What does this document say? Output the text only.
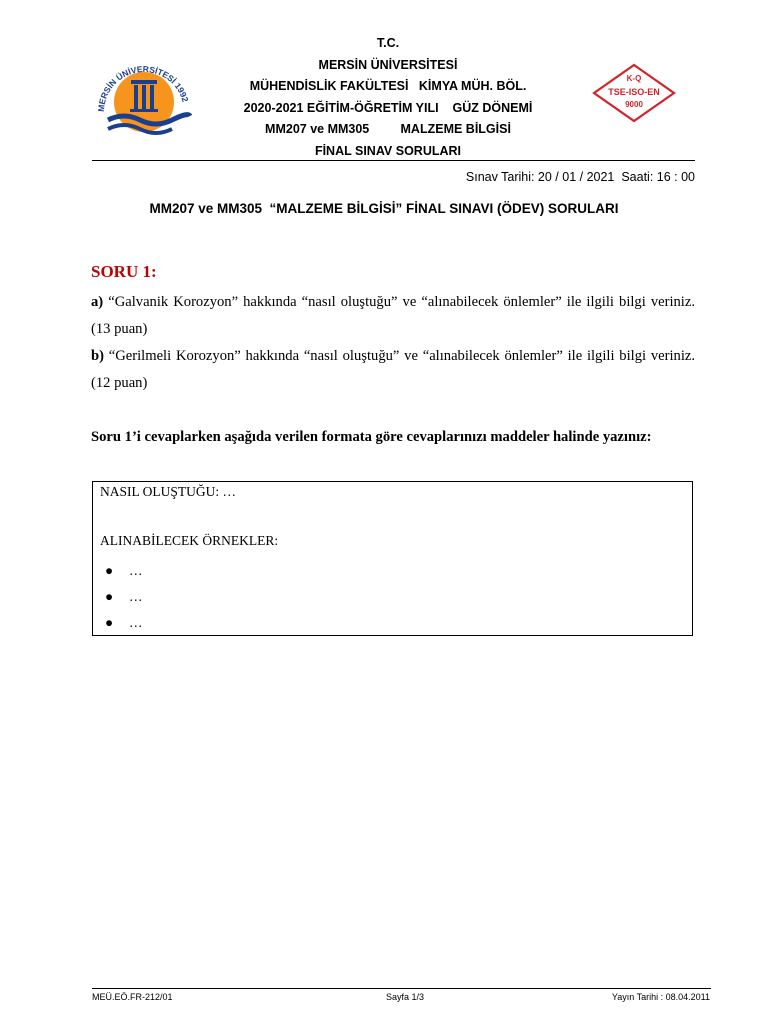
MERSİN ÜNİVERSİTESİ 1992
T.C.
MERSİN ÜNİVERSİTESİ
MÜHENDİSLİK FAKÜLTESİ   KİMYA MÜH. BÖL.
2020-2021 EĞİTİM-ÖĞRETİM YILI    GÜZ DÖNEMİ
MM207 ve MM305         MALZEME BİLGİSİ
FİNAL SINAV SORULARI
K-Q
TSE-ISO-EN
9000
Sınav Tarihi: 20 / 01 / 2021  Saati: 16 : 00
MM207 ve MM305  “MALZEME BİLGİSİ” FİNAL SINAVI (ÖDEV) SORULARI
SORU 1:
a) “Galvanik Korozyon” hakkında “nasıl oluştuğu” ve “alınabilecek önlemler” ile ilgili bilgi veriniz. (13 puan)
b) “Gerilmeli Korozyon” hakkında “nasıl oluştuğu” ve “alınabilecek önlemler” ile ilgili bilgi veriniz. (12 puan)
Soru 1’i cevaplarken aşağıda verilen formata göre cevaplarınızı maddeler halinde yazınız:
NASIL OLUŞTUĞU: …
ALINABİLECEK ÖRNEKLER:
● …
● …
● …
MEÜ.EÖ.FR-212/01	Sayfa 1/3	Yayın Tarihi : 08.04.2011
